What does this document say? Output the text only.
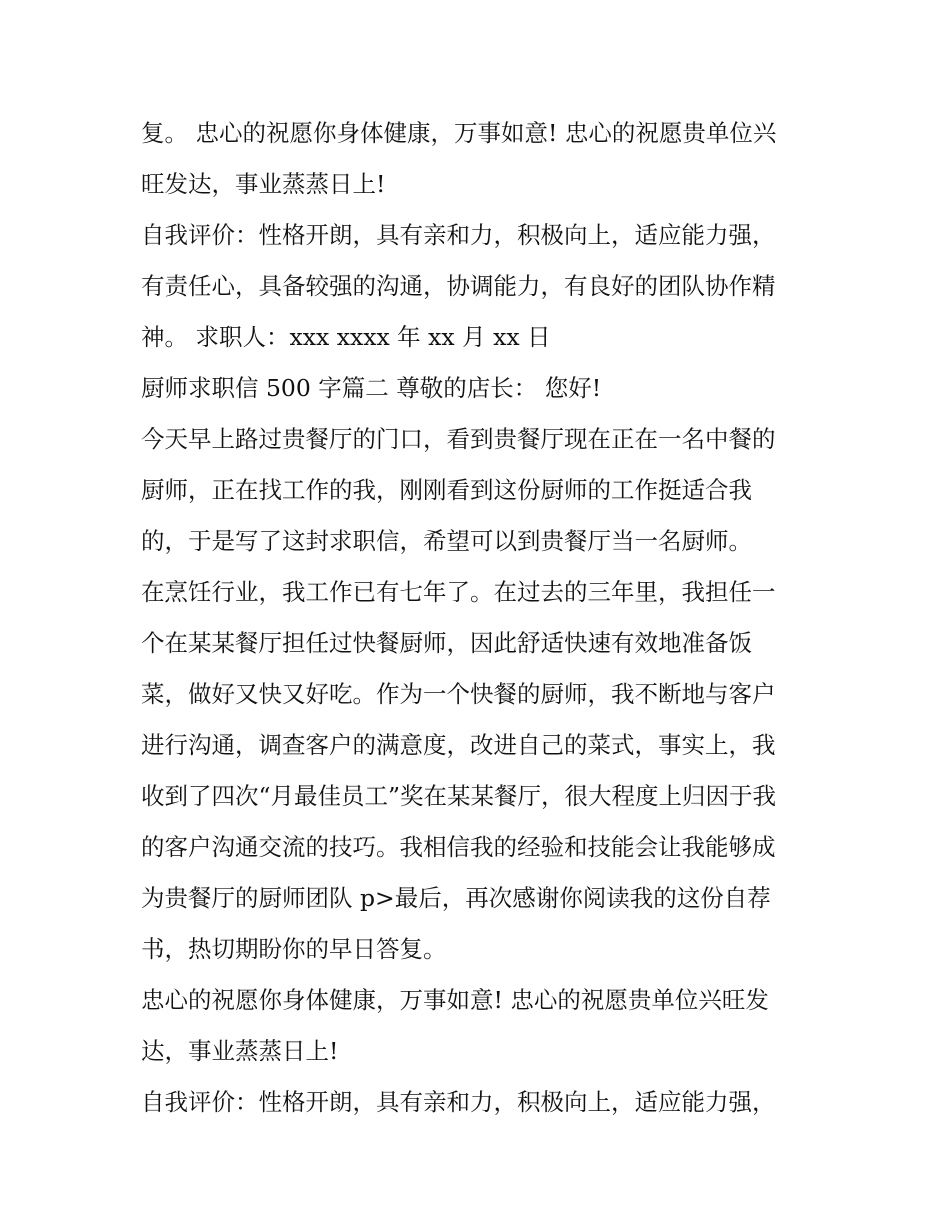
复。 忠心的祝愿你身体健康，万事如意! 忠心的祝愿贵单位兴
旺发达，事业蒸蒸日上!
自我评价：性格开朗，具有亲和力，积极向上，适应能力强，
有责任心，具备较强的沟通，协调能力，有良好的团队协作精
神。 求职人：xxx xxxx 年 xx 月 xx 日
厨师求职信 500 字篇二 尊敬的店长： 您好!
今天早上路过贵餐厅的门口，看到贵餐厅现在正在一名中餐的
厨师，正在找工作的我，刚刚看到这份厨师的工作挺适合我
的，于是写了这封求职信，希望可以到贵餐厅当一名厨师。
在烹饪行业，我工作已有七年了。在过去的三年里，我担任一
个在某某餐厅担任过快餐厨师，因此舒适快速有效地准备饭
菜，做好又快又好吃。作为一个快餐的厨师，我不断地与客户
进行沟通，调查客户的满意度，改进自己的菜式，事实上，我
收到了四次“月最佳员工”奖在某某餐厅，很大程度上归因于我
的客户沟通交流的技巧。我相信我的经验和技能会让我能够成
为贵餐厅的厨师团队 p>最后，再次感谢你阅读我的这份自荐
书，热切期盼你的早日答复。
忠心的祝愿你身体健康，万事如意! 忠心的祝愿贵单位兴旺发
达，事业蒸蒸日上!
自我评价：性格开朗，具有亲和力，积极向上，适应能力强，
